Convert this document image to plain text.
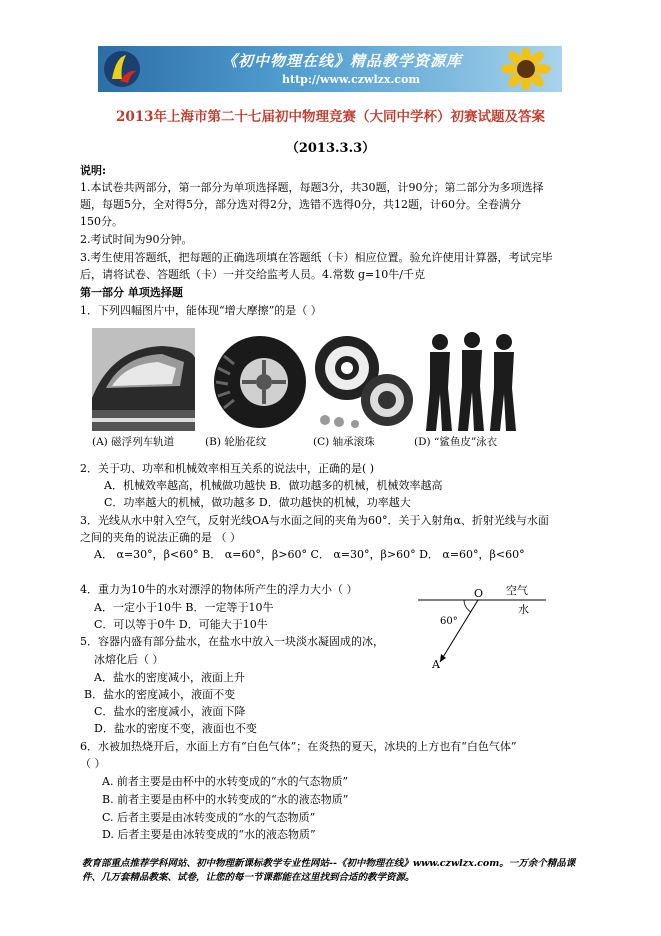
《初中物理在线》精品教学资源库
http://www.czwlzx.com
2013年上海市第二十七届初中物理竞赛（大同中学杯）初赛试题及答案
（2013.3.3）
说明:
1.本试卷共两部分，第一部分为单项选择题，每题3分，共30题，计90分；第二部分为多项选择
题，每题5分，全对得5分，部分选对得2分，选错不选得0分，共12题，计60分。全卷满分
150分。
2.考试时间为90分钟。
3.考生使用答题纸，把每题的正确选项填在答题纸（卡）相应位置。验允许使用计算器，考试完毕
后，请将试卷、答题纸（卡）一并交给监考人员。4.常数 g=10牛/千克
第一部分 单项选择题
1．下列四幅图片中，能体现“增大摩擦”的是（ ）
(A) 磁浮列车轨道	(B) 轮胎花纹	(C) 轴承滚珠	(D) “鲨鱼皮”泳衣
2．关于功、功率和机械效率相互关系的说法中，正确的是( )
A．机械效率越高，机械做功越快 B．做功越多的机械，机械效率越高
C．功率越大的机械，做功越多 D．做功越快的机械，功率越大
3．光线从水中射入空气，反射光线OA与水面之间的夹角为60°．关于入射角α、折射光线与水面
之间的夹角的说法正确的是 （ ）
A． α=30°，β<60° B． α=60°，β>60° C． α=30°，β>60° D． α=60°，β<60°
4．重力为10牛的水对漂浮的物体所产生的浮力大小（ ）
A．一定小于10牛 B．一定等于10牛
C．可以等于0牛 D．可能大于10牛
O 空气
水
60°
A
5．容器内盛有部分盐水，在盐水中放入一块淡水凝固成的冰，
冰熔化后（ ）
A．盐水的密度减小，液面上升
B．盐水的密度减小，液面不变
C．盐水的密度减小，液面下降
D．盐水的密度不变，液面也不变
6．水被加热烧开后，水面上方有“白色气体”；在炎热的夏天，冰块的上方也有“白色气体”
（ ）
A. 前者主要是由杯中的水转变成的“水的气态物质”
B. 前者主要是由杯中的水转变成的“水的液态物质”
C. 后者主要是由冰转变成的“水的气态物质”
D. 后者主要是由冰转变成的“水的液态物质”
教育部重点推荐学科网站、初中物理新课标教学专业性网站--《初中物理在线》www.czwlzx.com。一万余个精品课
件、几万套精品教案、试卷，让您的每一节课都能在这里找到合适的教学资源。
